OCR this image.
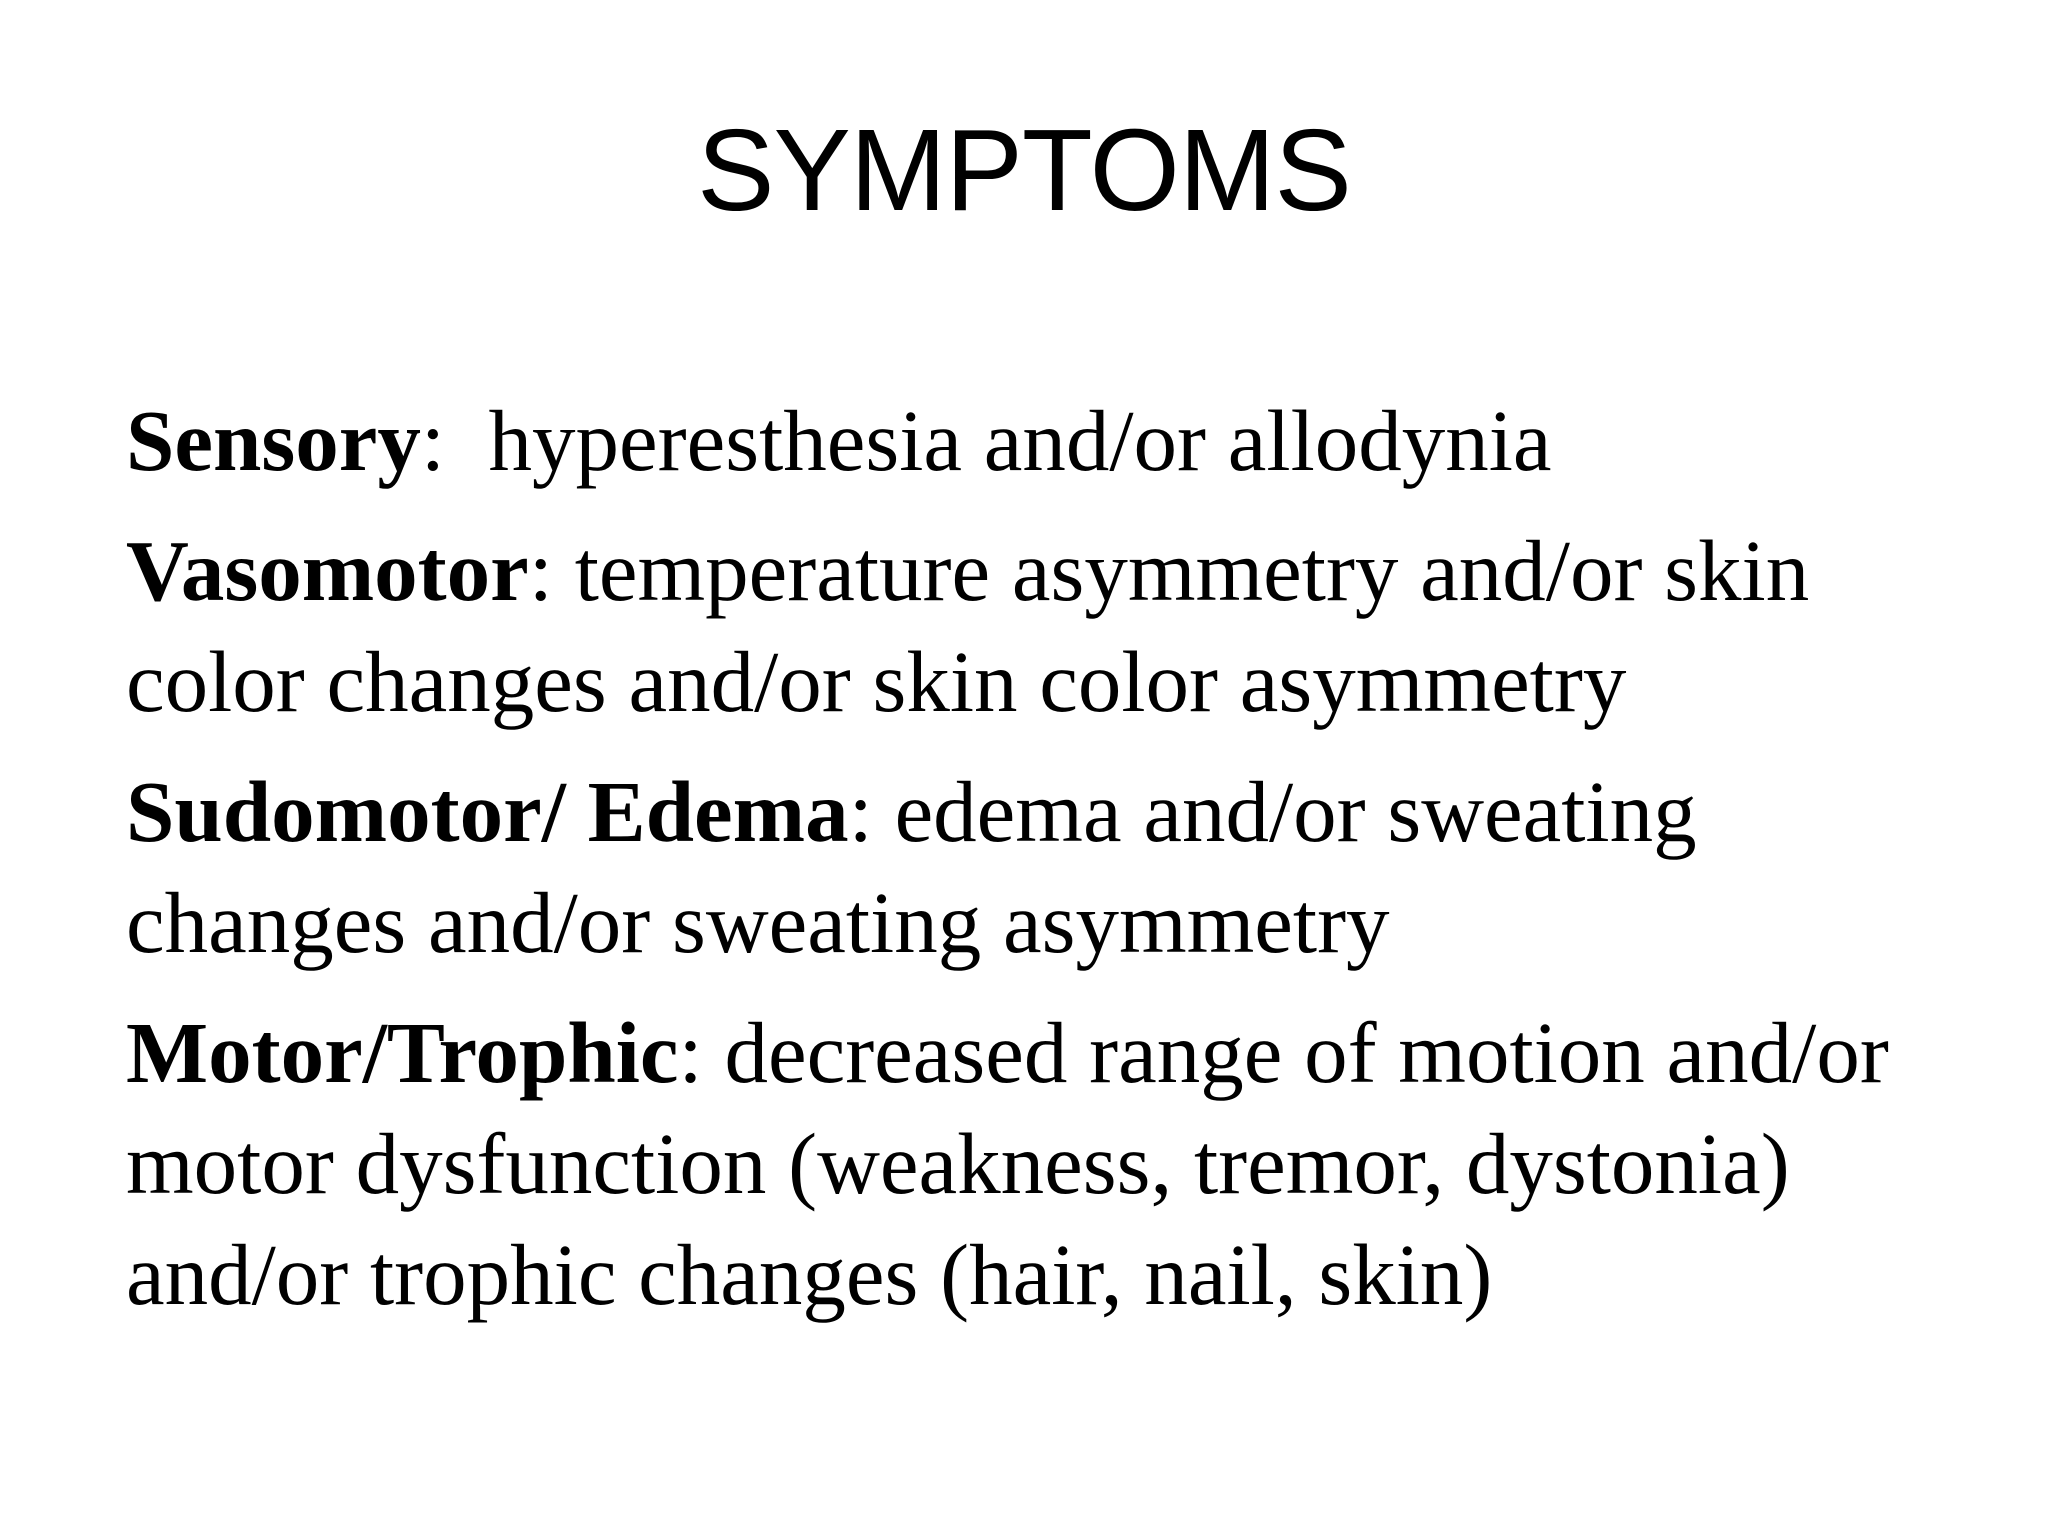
SYMPTOMS
Sensory:  hyperesthesia and/or allodynia
Vasomotor: temperature asymmetry and/or skin color changes and/or skin color asymmetry
Sudomotor/ Edema: edema and/or sweating changes and/or sweating asymmetry
Motor/Trophic: decreased range of motion and/or motor dysfunction (weakness, tremor, dystonia) and/or trophic changes (hair, nail, skin)
